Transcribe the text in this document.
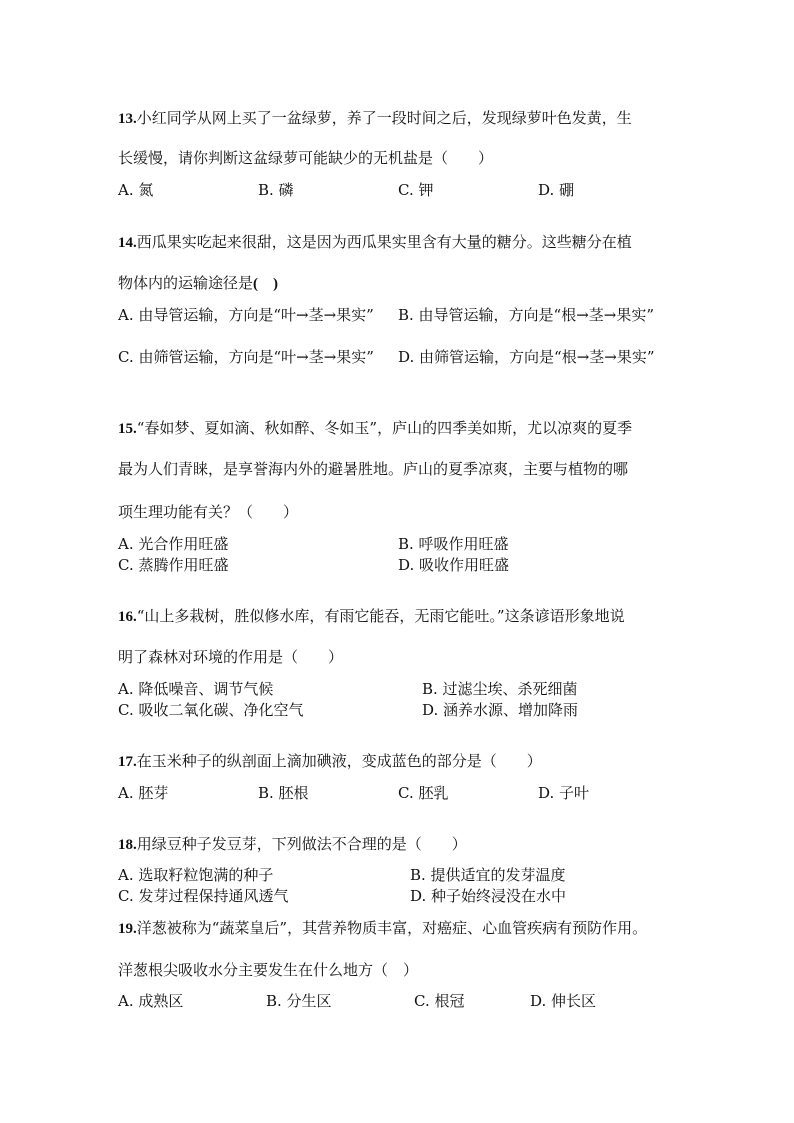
13.小红同学从网上买了一盆绿萝，养了一段时间之后，发现绿萝叶色发黄，生
长缓慢，请你判断这盆绿萝可能缺少的无机盐是（　　）
A. 氮	B. 磷	C. 钾	D. 硼
14.西瓜果实吃起来很甜，这是因为西瓜果实里含有大量的糖分。这些糖分在植
物体内的运输途径是(　)
A. 由导管运输，方向是“叶→茎→果实” B. 由导管运输，方向是“根→茎→果实”
C. 由筛管运输，方向是“叶→茎→果实” D. 由筛管运输，方向是“根→茎→果实”
15.“春如梦、夏如滴、秋如醉、冬如玉”，庐山的四季美如斯，尤以凉爽的夏季
最为人们青睐，是享誉海内外的避暑胜地。庐山的夏季凉爽，主要与植物的哪
项生理功能有关？（　　）
A. 光合作用旺盛	B. 呼吸作用旺盛
C. 蒸腾作用旺盛	D. 吸收作用旺盛
16.“山上多栽树，胜似修水库，有雨它能吞，无雨它能吐。”这条谚语形象地说
明了森林对环境的作用是（　　）
A. 降低噪音、调节气候	B. 过滤尘埃、杀死细菌
C. 吸收二氧化碳、净化空气	D. 涵养水源、增加降雨
17.在玉米种子的纵剖面上滴加碘液，变成蓝色的部分是（　　）
A. 胚芽	B. 胚根	C. 胚乳	D. 子叶
18.用绿豆种子发豆芽，下列做法不合理的是（　　）
A. 选取籽粒饱满的种子	B. 提供适宜的发芽温度
C. 发芽过程保持通风透气	D. 种子始终浸没在水中
19.洋葱被称为“蔬菜皇后”，其营养物质丰富，对癌症、心血管疾病有预防作用。
洋葱根尖吸收水分主要发生在什么地方（　）
A. 成熟区	B. 分生区	C. 根冠	D. 伸长区
